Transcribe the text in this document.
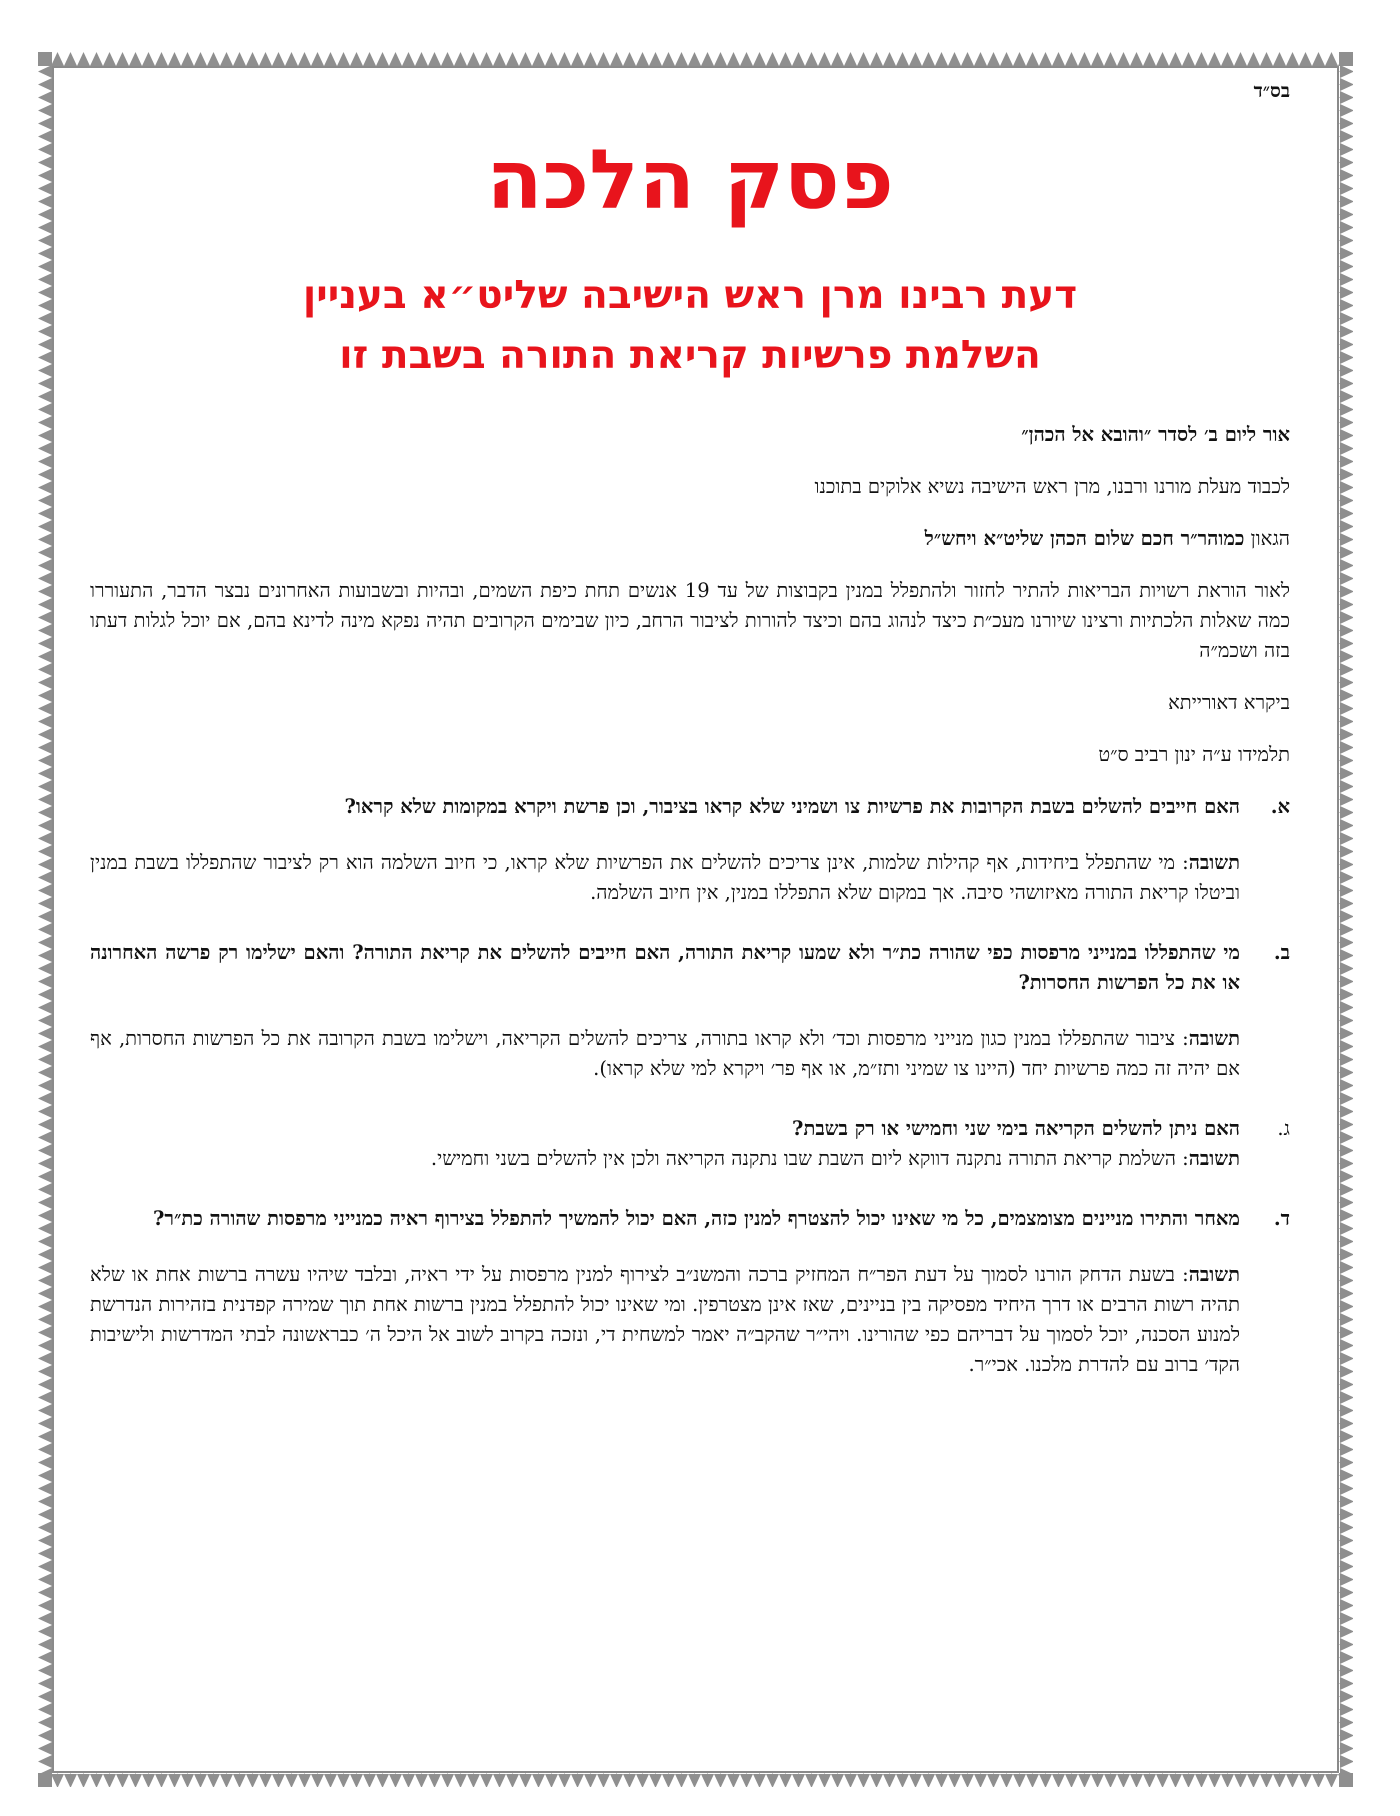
בס״ד
פסק הלכה
דעת רבינו מרן ראש הישיבה שליט״א בעניין
השלמת פרשיות קריאת התורה בשבת זו

אור ליום ב׳ לסדר ״והובא אל הכהן״

לכבוד מעלת מורנו ורבנו, מרן ראש הישיבה נשיא אלוקים בתוכנו

הגאון כמוהר״ר חכם שלום הכהן שליט״א ויחש״ל

לאור הוראת רשויות הבריאות להתיר לחזור ולהתפלל במנין בקבוצות של עד 19 אנשים תחת כיפת השמים, ובהיות ובשבועות האחרונים נבצר הדבר, התעוררו כמה שאלות הלכתיות ורצינו שיורנו מעכ״ת כיצד לנהוג בהם וכיצד להורות לציבור הרחב, כיון שבימים הקרובים תהיה נפקא מינה לדינא בהם, אם יוכל לגלות דעתו בזה ושכמ״ה

ביקרא דאורייתא

תלמידו ע״ה ינון רביב ס״ט

א.
האם חייבים להשלים בשבת הקרובות את פרשיות צו ושמיני שלא קראו בציבור, וכן פרשת ויקרא במקומות שלא קראו?
תשובה: מי שהתפלל ביחידות, אף קהילות שלמות, אינן צריכים להשלים את הפרשיות שלא קראו, כי חיוב השלמה הוא רק לציבור שהתפללו בשבת במנין וביטלו קריאת התורה מאיזושהי סיבה. אך במקום שלא התפללו במנין, אין חיוב השלמה.
ב.
מי שהתפללו במנייני מרפסות כפי שהורה כת״ר ולא שמעו קריאת התורה, האם חייבים להשלים את קריאת התורה? והאם ישלימו רק פרשה האחרונה או את כל הפרשות החסרות?
תשובה: ציבור שהתפללו במנין כגון מנייני מרפסות וכד׳ ולא קראו בתורה, צריכים להשלים הקריאה, וישלימו בשבת הקרובה את כל הפרשות החסרות, אף אם יהיה זה כמה פרשיות יחד (היינו צו שמיני ותז״מ, או אף פר׳ ויקרא למי שלא קראו).
ג.
האם ניתן להשלים הקריאה בימי שני וחמישי או רק בשבת?
תשובה: השלמת קריאת התורה נתקנה דווקא ליום השבת שבו נתקנה הקריאה ולכן אין להשלים בשני וחמישי.
ד.
מאחר והתירו מניינים מצומצמים, כל מי שאינו יכול להצטרף למנין כזה, האם יכול להמשיך להתפלל בצירוף ראיה כמנייני מרפסות שהורה כת״ר?
תשובה: בשעת הדחק הורנו לסמוך על דעת הפר״ח המחזיק ברכה והמשנ״ב לצירוף למנין מרפסות על ידי ראיה, ובלבד שיהיו עשרה ברשות אחת או שלא תהיה רשות הרבים או דרך היחיד מפסיקה בין בניינים, שאז אינן מצטרפין. ומי שאינו יכול להתפלל במנין ברשות אחת תוך שמירה קפדנית בזהירות הנדרשת למנוע הסכנה, יוכל לסמוך על דבריהם כפי שהורינו. ויהי״ר שהקב״ה יאמר למשחית די, ונזכה בקרוב לשוב אל היכל ה׳ כבראשונה לבתי המדרשות ולישיבות הקד׳ ברוב עם להדרת מלכנו. אכי״ר.
